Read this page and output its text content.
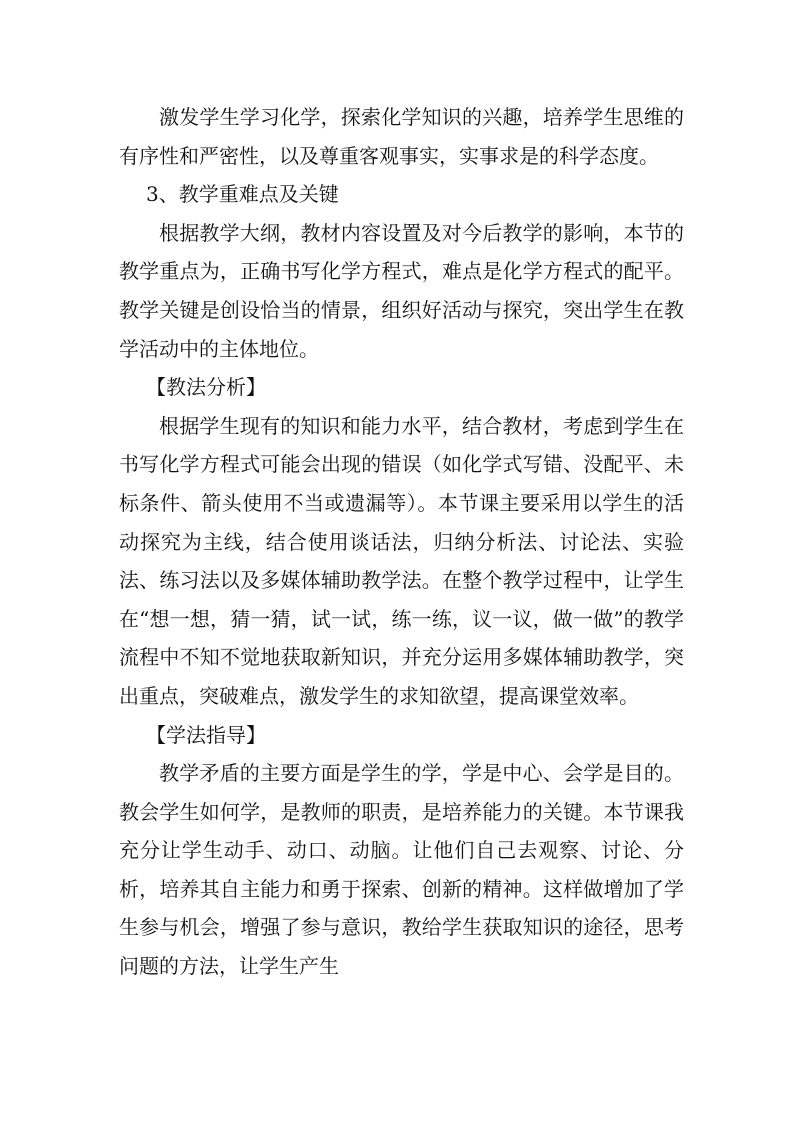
激发学生学习化学，探索化学知识的兴趣，培养学生思维的有序性和严密性，以及尊重客观事实，实事求是的科学态度。

3、教学重难点及关键

根据教学大纲，教材内容设置及对今后教学的影响，本节的教学重点为，正确书写化学方程式，难点是化学方程式的配平。教学关键是创设恰当的情景，组织好活动与探究，突出学生在教学活动中的主体地位。

【教法分析】

根据学生现有的知识和能力水平，结合教材，考虑到学生在书写化学方程式可能会出现的错误（如化学式写错、没配平、未标条件、箭头使用不当或遗漏等）。本节课主要采用以学生的活动探究为主线，结合使用谈话法，归纳分析法、讨论法、实验法、练习法以及多媒体辅助教学法。在整个教学过程中，让学生在“想一想，猜一猜，试一试，练一练，议一议，做一做”的教学流程中不知不觉地获取新知识，并充分运用多媒体辅助教学，突出重点，突破难点，激发学生的求知欲望，提高课堂效率。

【学法指导】

教学矛盾的主要方面是学生的学，学是中心、会学是目的。教会学生如何学，是教师的职责，是培养能力的关键。本节课我充分让学生动手、动口、动脑。让他们自己去观察、讨论、分析，培养其自主能力和勇于探索、创新的精神。这样做增加了学生参与机会，增强了参与意识，教给学生获取知识的途径，思考问题的方法，让学生产生
